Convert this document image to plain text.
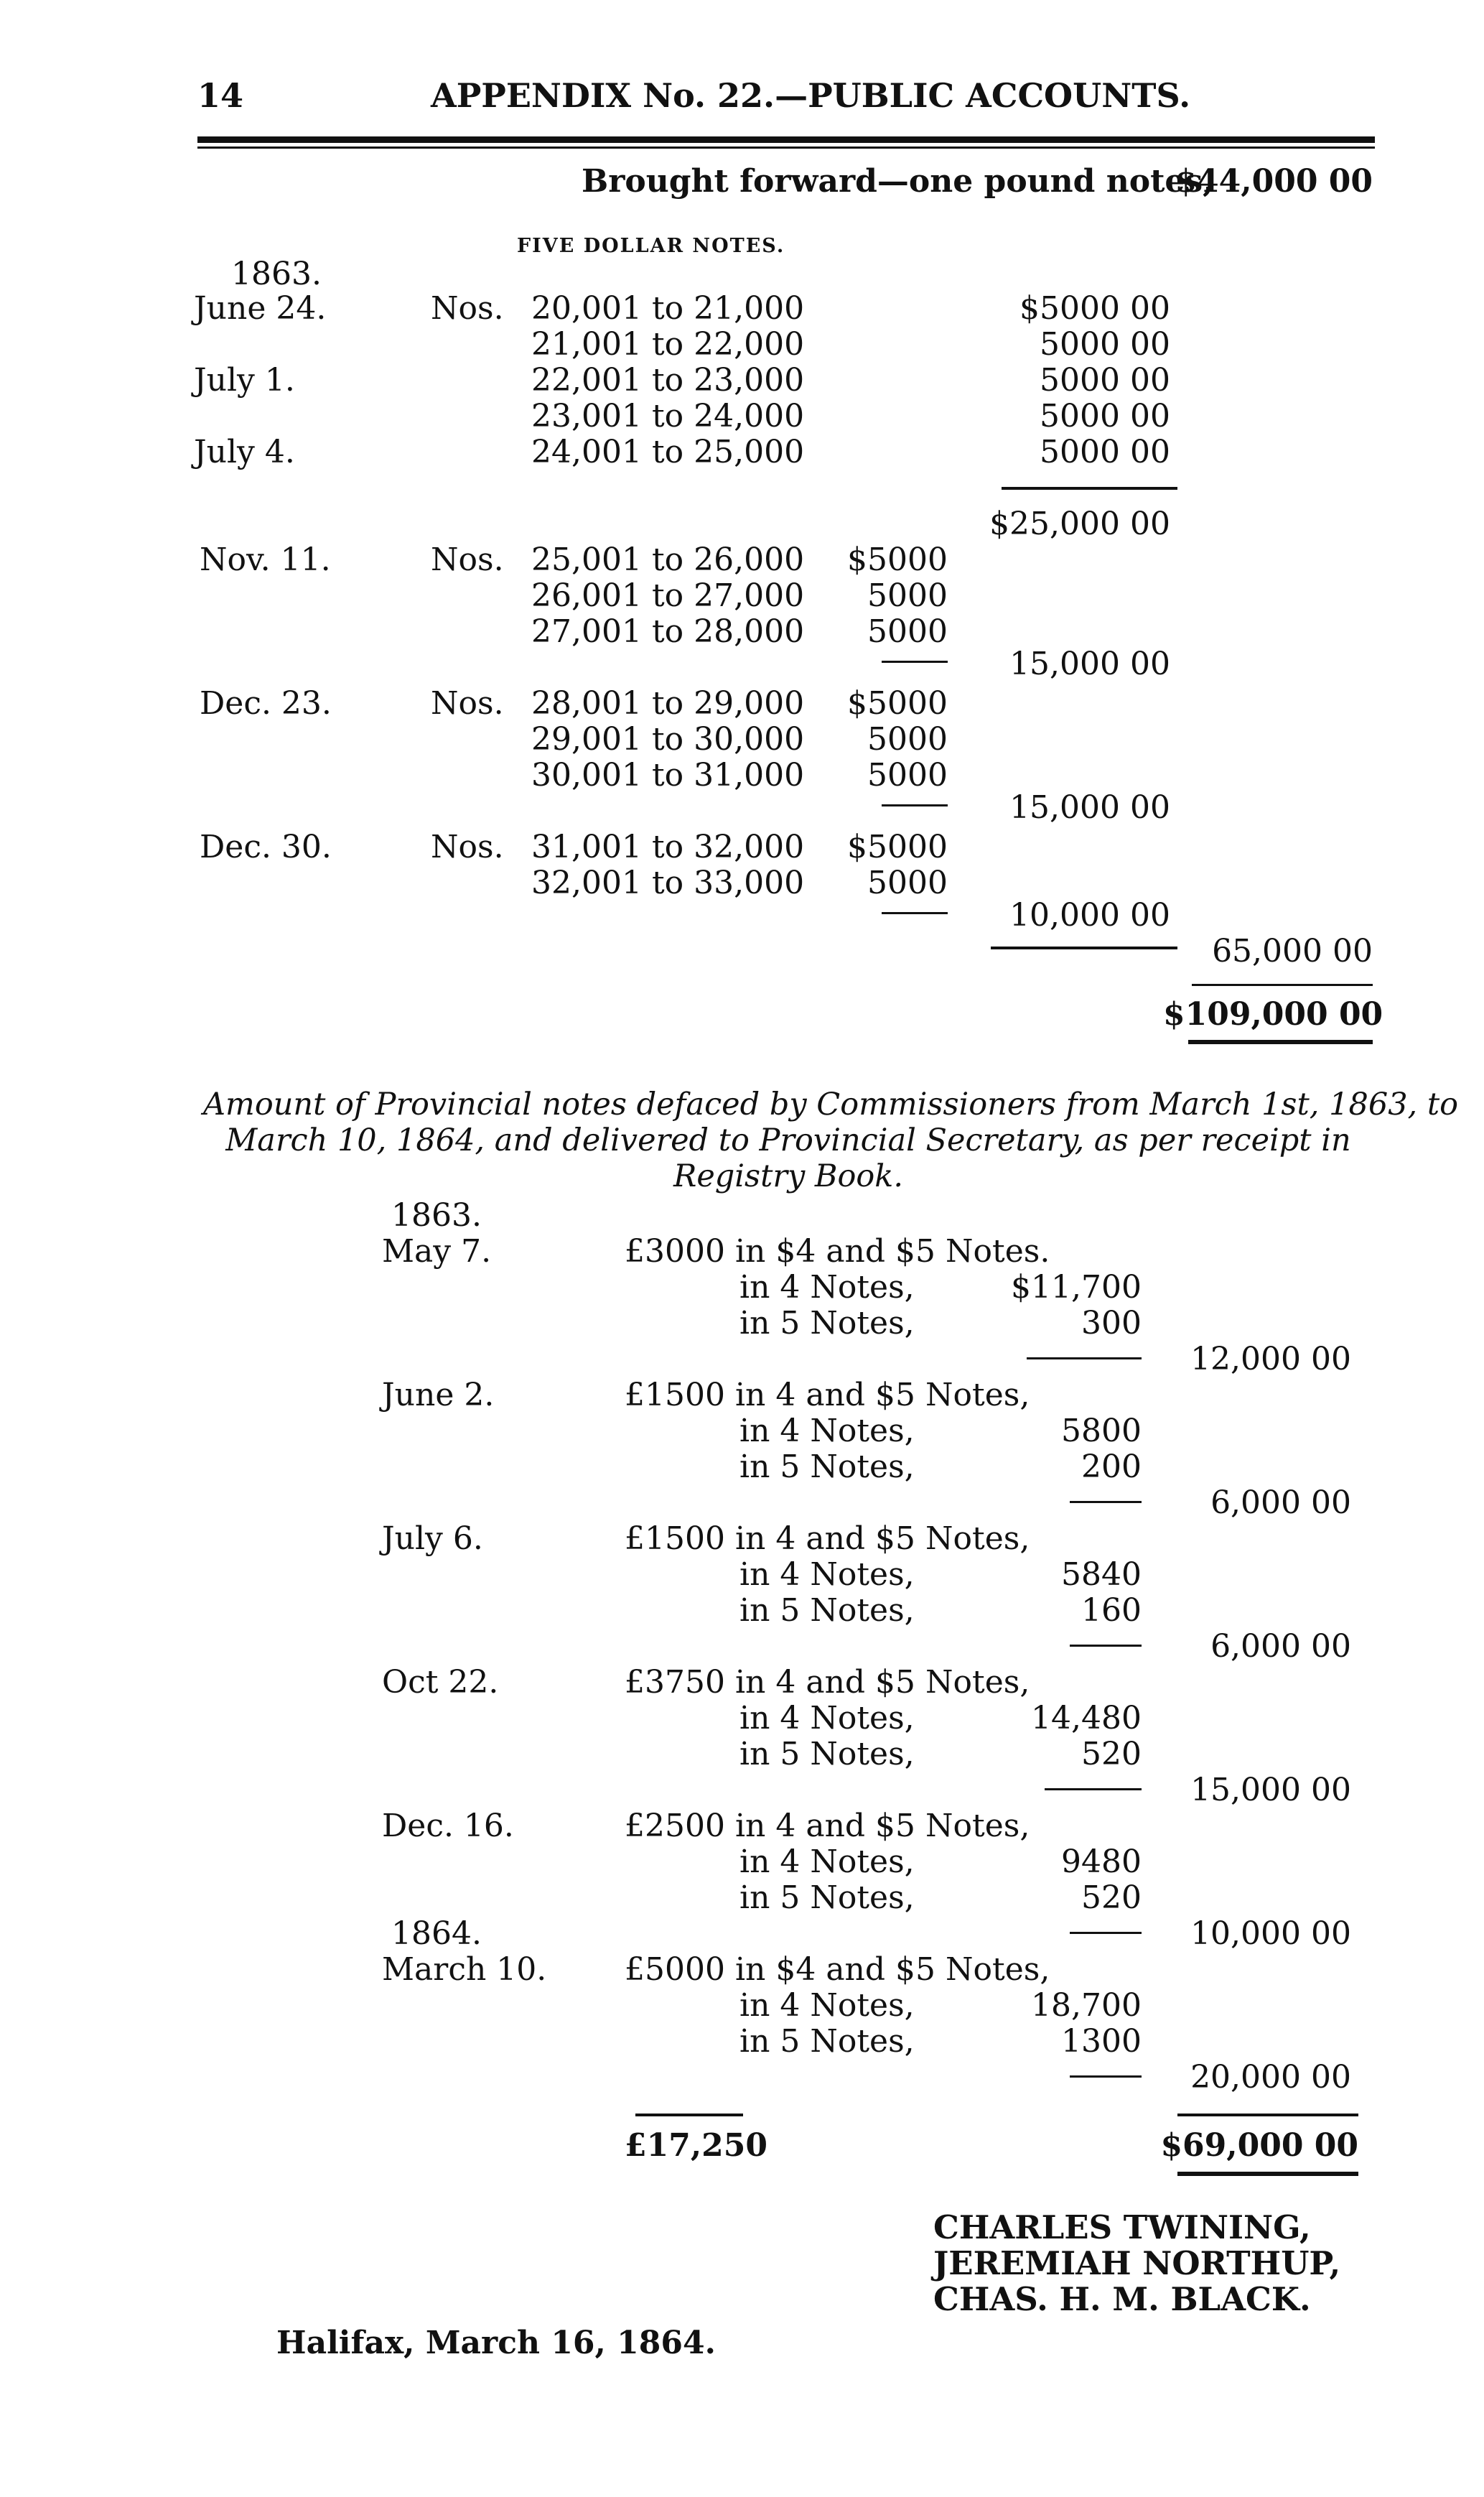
14	APPENDIX No. 22.—PUBLIC ACCOUNTS.
Brought forward—one pound notes,
$44,000 00
FIVE DOLLAR NOTES.
1863.
June 24.	Nos. 20,001 to 21,000	$5000 00
21,001 to 22,000	5000 00
July 1.	22,001 to 23,000	5000 00
23,001 to 24,000	5000 00
July 4.	24,001 to 25,000	5000 00
$25,000 00
Nov. 11.	Nos. 25,001 to 26,000	$5000
26,001 to 27,000	5000
27,001 to 28,000	5000
15,000 00
Dec. 23.	Nos. 28,001 to 29,000	$5000
29,001 to 30,000	5000
30,001 to 31,000	5000
15,000 00
Dec. 30.	Nos. 31,001 to 32,000	$5000
32,001 to 33,000	5000
10,000 00
65,000 00
$109,000 00
Amount of Provincial notes defaced by Commissioners from March 1st, 1863, to
March 10, 1864, and delivered to Provincial Secretary, as per receipt in
Registry Book.
1863.
May 7.	£3000 in $4 and $5 Notes.
in 4 Notes,	$11,700
in 5 Notes,	300
12,000 00
June 2.	£1500 in 4 and $5 Notes,
in 4 Notes,	5800
in 5 Notes,	200
6,000 00
July 6.	£1500 in 4 and $5 Notes,
in 4 Notes,	5840
in 5 Notes,	160
6,000 00
Oct 22.	£3750 in 4 and $5 Notes,
in 4 Notes,	14,480
in 5 Notes,	520
15,000 00
Dec. 16.	£2500 in 4 and $5 Notes,
in 4 Notes,	9480
in 5 Notes,	520
1864.	10,000 00
March 10. £5000 in $4 and $5 Notes,
in 4 Notes,	18,700
in 5 Notes,	1300
20,000 00
£17,250	$69,000 00
CHARLES TWINING,
JEREMIAH NORTHUP,
CHAS. H. M. BLACK.
Halifax, March 16, 1864.
